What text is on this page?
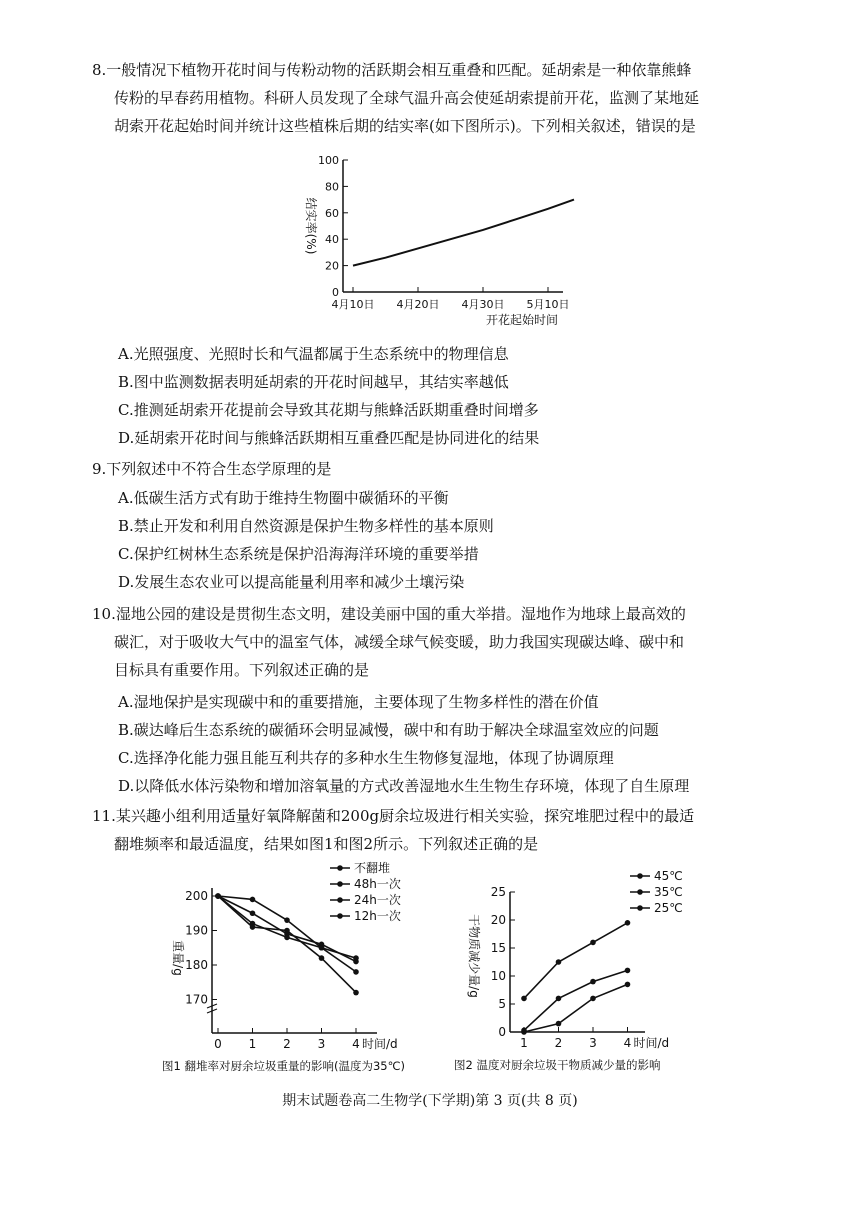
8.一般情况下植物开花时间与传粉动物的活跃期会相互重叠和匹配。延胡索是一种依靠熊蜂
传粉的早春药用植物。科研人员发现了全球气温升高会使延胡索提前开花，监测了某地延
胡索开花起始时间并统计这些植株后期的结实率(如下图所示)。下列相关叙述，错误的是
0
20
40
60
80
100
4月10日 4月20日 4月30日 5月10日
结实率(%)
开花起始时间
A.光照强度、光照时长和气温都属于生态系统中的物理信息
B.图中监测数据表明延胡索的开花时间越早，其结实率越低
C.推测延胡索开花提前会导致其花期与熊蜂活跃期重叠时间增多
D.延胡索开花时间与熊蜂活跃期相互重叠匹配是协同进化的结果
9.下列叙述中不符合生态学原理的是
A.低碳生活方式有助于维持生物圈中碳循环的平衡
B.禁止开发和利用自然资源是保护生物多样性的基本原则
C.保护红树林生态系统是保护沿海海洋环境的重要举措
D.发展生态农业可以提高能量利用率和减少土壤污染
10.湿地公园的建设是贯彻生态文明，建设美丽中国的重大举措。湿地作为地球上最高效的
碳汇，对于吸收大气中的温室气体，减缓全球气候变暖，助力我国实现碳达峰、碳中和
目标具有重要作用。下列叙述正确的是
A.湿地保护是实现碳中和的重要措施，主要体现了生物多样性的潜在价值
B.碳达峰后生态系统的碳循环会明显减慢，碳中和有助于解决全球温室效应的问题
C.选择净化能力强且能互利共存的多种水生生物修复湿地，体现了协调原理
D.以降低水体污染物和增加溶氧量的方式改善湿地水生生物生存环境，体现了自生原理
11.某兴趣小组利用适量好氧降解菌和200g厨余垃圾进行相关实验，探究堆肥过程中的最适
翻堆频率和最适温度，结果如图1和图2所示。下列叙述正确的是
170
180
190
200
0 1 2 3 4 时间/d
重量/g
不翻堆
48h一次
24h一次
12h一次
图1 翻堆率对厨余垃圾重量的影响(温度为35℃)
0
5
10
15
20
25
1 2 3 4 时间/d
干物质减少量/g
45℃
35℃
25℃
图2 温度对厨余垃圾干物质减少量的影响
期末试题卷高二生物学(下学期)第 3 页(共 8 页)
